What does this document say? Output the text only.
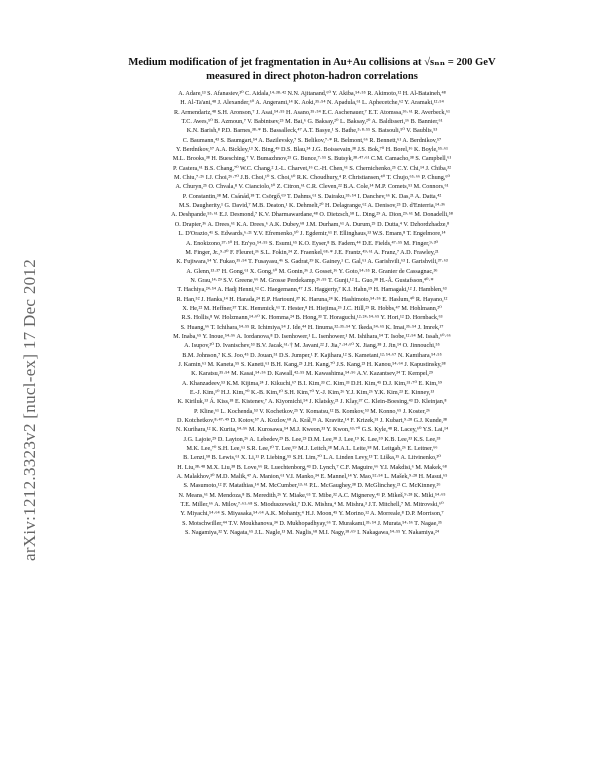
arXiv:1212.3323v2 [nucl-ex] 17 Dec 2012
Medium modification of jet fragmentation in Au+Au collisions at √sₙₙ = 200 GeV
measured in direct photon-hadron correlations

A. Adare,¹³ S. Afanasiev,³⁰ C. Aidala,¹⁴·³⁸·⁴² N.N. Ajitanand,⁶⁰ Y. Akiba,⁵⁴·⁵⁵ R. Akimoto,¹² H. Al-Bataineh,⁴⁸

H. Al-Ta'ani,⁴⁸ J. Alexander,⁶⁰ A. Angerami,¹⁴ K. Aoki,³⁵·⁵⁴ N. Apadula,⁶¹ L. Aphecetche,⁶² Y. Aramaki,¹²·⁵⁴

R. Armendariz,⁴⁸ S.H. Aronson,⁷ J. Asai,⁵⁴·⁵⁵ H. Asano,³⁵·⁵⁴ E.C. Aschenauer,⁷ E.T. Atomssa,³⁶·⁶¹ R. Averbeck,⁶¹

T.C. Awes,⁵⁰ B. Azmoun,⁷ V. Babintsev,²⁵ M. Bai,⁶ G. Baksay,²⁰ L. Baksay,²⁰ A. Baldisseri,¹⁶ B. Bannier,⁶¹

K.N. Barish,⁸ P.D. Barnes,³⁸·* B. Bassalleck,⁴⁷ A.T. Basye,¹ S. Bathe,⁵·⁸·⁵⁵ S. Batsouli,⁵⁰ V. Baublis,⁵³

C. Baumann,⁴³ S. Baumgart,⁵⁴ A. Bazilevsky,⁷ S. Belikov,⁷·* R. Belmont,⁶⁶ R. Bennett,⁶¹ A. Berdnikov,⁵⁷

Y. Berdnikov,⁵⁷ A.A. Bickley,¹³ X. Bing,⁴⁹ D.S. Blau,³⁴ J.G. Boissevain,³⁸ J.S. Bok,⁷⁰ H. Borel,¹⁶ K. Boyle,⁵⁵·⁶¹

M.L. Brooks,³⁸ H. Buesching,⁷ V. Bumazhnov,²⁵ G. Bunce,⁷·⁵⁵ S. Butsyk,³⁸·⁴⁷·⁶¹ C.M. Camacho,³⁸ S. Campbell,⁶¹

P. Castera,⁶¹ B.S. Chang,⁷⁰ W.C. Chang,² J.-L. Charvet,¹⁶ C.-H. Chen,⁶¹ S. Chernichenko,²⁵ C.Y. Chi,¹⁴ J. Chiba,³²

M. Chiu,⁷·²⁶ I.J. Choi,²⁶·⁷⁰ J.B. Choi,¹⁰ S. Choi,⁶⁰ R.K. Choudhury,⁴ P. Christiansen,⁴⁰ T. Chujo,⁶⁵·⁶⁶ P. Chung,⁶⁰

A. Churyn,²⁵ O. Chvala,⁸ V. Cianciolo,⁵⁰ Z. Citron,⁶¹ C.R. Cleven,²² B.A. Cole,¹⁴ M.P. Comets,⁵¹ M. Connors,⁶¹

P. Constantin,³⁸ M. Csánád,¹⁸ T. Csörgő,⁶⁹ T. Dahms,⁶¹ S. Dairaku,³⁵·⁵⁴ I. Danchev,⁶⁶ K. Das,²¹ A. Datta,⁴²

M.S. Daugherity,¹ G. David,⁷ M.B. Deaton,¹ K. Dehmelt,²⁰ H. Delagrange,⁶² A. Denisov,²⁵ D. d'Enterria,¹⁴·³⁶

A. Deshpande,⁵⁵·⁶¹ E.J. Desmond,⁷ K.V. Dharmawardane,⁴⁸ O. Dietzsch,⁵⁸ L. Ding,²⁹ A. Dion,²⁹·⁶¹ M. Donadelli,⁵⁸

O. Drapier,³⁶ A. Drees,⁶¹ K.A. Drees,⁶ A.K. Dubey,⁶⁸ J.M. Durham,⁶¹ A. Durum,²⁵ D. Dutta,⁴ V. Dzhordzhadze,⁸

L. D'Orazio,⁴¹ S. Edwards,⁶·²¹ Y.V. Efremenko,⁵⁰ J. Egdemir,⁶¹ F. Ellinghaus,¹³ W.S. Emam,⁸ T. Engelmore,¹⁴

A. Enokizono,³⁷·⁵⁰ H. En'yo,⁵⁴·⁵⁵ S. Esumi,⁶⁵ K.O. Eyser,⁸ B. Fadem,⁴⁴ D.E. Fields,⁴⁷·⁵⁵ M. Finger,⁹·³⁰

M. Finger, Jr.,⁹·³⁰ F. Fleuret,³⁶ S.L. Fokin,³⁴ Z. Fraenkel,⁶⁸·* J.E. Frantz,⁴⁹·⁶¹ A. Franz,⁷ A.D. Frawley,²¹

K. Fujiwara,⁵⁴ Y. Fukao,³⁵·⁵⁴ T. Fusayasu,⁴⁶ S. Gadrat,³⁹ K. Gainey,¹ C. Gal,⁶¹ A. Garishvili,⁶³ I. Garishvili,³⁷·⁶³

A. Glenn,¹³·³⁷ H. Gong,⁶¹ X. Gong,⁶⁰ M. Gonin,³⁶ J. Gosset,¹⁶ Y. Goto,⁵⁴·⁵⁵ R. Granier de Cassagnac,³⁶

N. Grau,¹⁴·²⁹ S.V. Greene,⁶⁶ M. Grosse Perdekamp,²⁶·⁵⁵ T. Gunji,¹² L. Guo,³⁸ H.-Å. Gustafsson,⁴⁰·*

T. Hachiya,²⁴·⁵⁴ A. Hadj Henni,⁶² C. Haegemann,⁴⁷ J.S. Haggerty,⁷ K.I. Hahn,¹⁹ H. Hamagaki,¹² J. Hamblen,⁶³

R. Han,⁵² J. Hanks,¹⁴ H. Harada,²⁴ E.P. Hartouni,³⁷ K. Haruna,²⁴ K. Hashimoto,⁵⁴·⁵⁶ E. Haslum,⁴⁰ R. Hayano,¹²

X. He,²² M. Heffner,³⁷ T.K. Hemmick,⁶¹ T. Hester,⁸ H. Hiejima,²⁶ J.C. Hill,²⁹ R. Hobbs,⁴⁷ M. Hohlmann,²⁰

R.S. Hollis,⁸ W. Holzmann,¹⁴·⁶⁰ K. Homma,²⁴ B. Hong,³³ T. Horaguchi,¹²·²⁴·⁵⁴·⁶⁵ Y. Hori,¹² D. Hornback,⁶³

S. Huang,⁶⁶ T. Ichihara,⁵⁴·⁵⁵ R. Ichimiya,⁵⁴ J. Ide,⁴⁴ H. Iinuma,³²·³⁵·⁵⁴ Y. Ikeda,⁵⁴·⁶⁵ K. Imai,³⁵·⁵⁴ J. Imrek,¹⁷

M. Inaba,⁶⁵ Y. Inoue,⁵⁴·⁵⁶ A. Iordanova,⁸ D. Isenhower,¹ L. Isenhower,¹ M. Ishihara,⁵⁴ T. Isobe,¹²·⁵⁴ M. Issah,⁶⁰·⁶⁶

A. Isupov,³⁰ D. Ivanischev,⁵³ B.V. Jacak,⁶¹·† M. Javani,²² J. Jia,⁷·¹⁴·⁶⁰ X. Jiang,³⁸ J. Jin,¹⁴ O. Jinnouchi,⁵⁵

B.M. Johnson,⁷ K.S. Joo,⁴⁵ D. Jouan,⁵¹ D.S. Jumper,¹ F. Kajihara,¹² S. Kametani,¹²·⁵⁴·⁶⁷ N. Kamihara,⁵⁴·⁵⁵

J. Kamin,⁶¹ M. Kaneta,⁵⁵ S. Kaneti,⁶¹ B.H. Kang,²³ J.H. Kang,⁷⁰ J.S. Kang,²³ H. Kanou,⁵⁴·⁶⁴ J. Kapustinsky,³⁸

K. Karatsu,³⁵·⁵⁴ M. Kasai,⁵⁴·⁵⁶ D. Kawall,⁴²·⁵⁵ M. Kawashima,⁵⁴·⁵⁶ A.V. Kazantsev,³⁴ T. Kempel,²⁹

A. Khanzadeev,⁵³ K.M. Kijima,²⁴ J. Kikuchi,⁶⁷ B.I. Kim,³³ C. Kim,³³ D.H. Kim,⁴⁵ D.J. Kim,³¹·⁷⁰ E. Kim,⁵⁹

E.-J. Kim,¹⁰ H.J. Kim,⁷⁰ K.-B. Kim,¹⁰ S.H. Kim,⁷⁰ Y.-J. Kim,²⁶ Y.J. Kim,²⁶ Y.K. Kim,²³ E. Kinney,¹³

K. Kiriluk,¹³ Á. Kiss,¹⁸ E. Kistenev,⁷ A. Kiyomichi,⁵⁴ J. Klatsky,²¹ J. Klay,³⁷ C. Klein-Boesing,⁴³ D. Kleinjan,⁸

P. Kline,⁶¹ L. Kochenda,⁵³ V. Kochetkov,²⁵ Y. Komatsu,¹² B. Komkov,⁵³ M. Konno,⁶⁵ J. Koster,²⁶

D. Kotchetkov,⁸·⁴⁷·⁴⁹ D. Kotov,⁵⁷ A. Kozlov,⁶⁸ A. Král,¹⁵ A. Kravitz,¹⁴ F. Krizek,³¹ J. Kubart,⁹·²⁸ G.J. Kunde,³⁸

N. Kurihara,¹² K. Kurita,⁵⁴·⁵⁶ M. Kurosawa,⁵⁴ M.J. Kweon,³³ Y. Kwon,⁶³·⁷⁰ G.S. Kyle,⁴⁸ R. Lacey,⁶⁰ Y.S. Lai,¹⁴

J.G. Lajoie,²⁹ D. Layton,²⁶ A. Lebedev,²⁹ B. Lee,²³ D.M. Lee,³⁸ J. Lee,¹⁹ K. Lee,⁵⁹ K.B. Lee,³³ K.S. Lee,³³

M.K. Lee,⁷⁰ S.H. Lee,⁶¹ S.R. Lee,¹⁰ T. Lee,⁵⁹ M.J. Leitch,³⁸ M.A.L. Leite,⁵⁸ M. Leitgab,²⁶ E. Leitner,⁶⁶

B. Lenzi,⁵⁸ B. Lewis,⁶¹ X. Li,¹¹ P. Liebing,⁵⁵ S.H. Lim,⁷⁰ L.A. Linden Levy,¹³ T. Liška,¹⁵ A. Litvinenko,³⁰

H. Liu,³⁸·⁴⁸ M.X. Liu,³⁸ B. Love,⁶⁶ R. Luechtenborg,⁴³ D. Lynch,⁷ C.F. Maguire,⁶⁶ Y.I. Makdisi,⁶ M. Makek,⁶⁸

A. Malakhov,³⁰ M.D. Malik,⁴⁷ A. Manion,⁶¹ V.I. Manko,³⁴ E. Mannel,¹⁴ Y. Mao,⁵²·⁵⁴ L. Mašek,⁹·²⁸ H. Masui,⁶⁵

S. Masumoto,¹² F. Matathias,¹⁴ M. McCumber,¹³·⁶¹ P.L. McGaughey,³⁸ D. McGlinchey,²¹ C. McKinney,²⁶

N. Means,⁶¹ M. Mendoza,⁸ B. Meredith,²⁶ Y. Miake,⁶⁵ T. Mibe,³² A.C. Mignerey,⁴¹ P. Mikeš,⁹·²⁸ K. Miki,⁵⁴·⁶⁵

T.E. Miller,⁶⁶ A. Milov,⁷·⁶¹·⁶⁸ S. Mioduszewski,⁷ D.K. Mishra,⁴ M. Mishra,³ J.T. Mitchell,⁷ M. Mitrovski,⁶⁰

Y. Miyachi,⁵⁴·⁶⁴ S. Miyasaka,⁵⁴·⁶⁴ A.K. Mohanty,⁴ H.J. Moon,⁴⁵ Y. Morino,¹² A. Morreale,⁸ D.P. Morrison,⁷

S. Motschwiller,⁴⁴ T.V. Moukhanova,³⁴ D. Mukhopadhyay,⁶⁶ T. Murakami,³⁵·⁵⁴ J. Murata,⁵⁴·⁵⁶ T. Nagae,³⁵

S. Nagamiya,³² Y. Nagata,⁶⁵ J.L. Nagle,¹³ M. Naglis,⁶⁸ M.I. Nagy,¹⁸·⁶⁹ I. Nakagawa,⁵⁴·⁵⁵ Y. Nakamiya,²⁴
